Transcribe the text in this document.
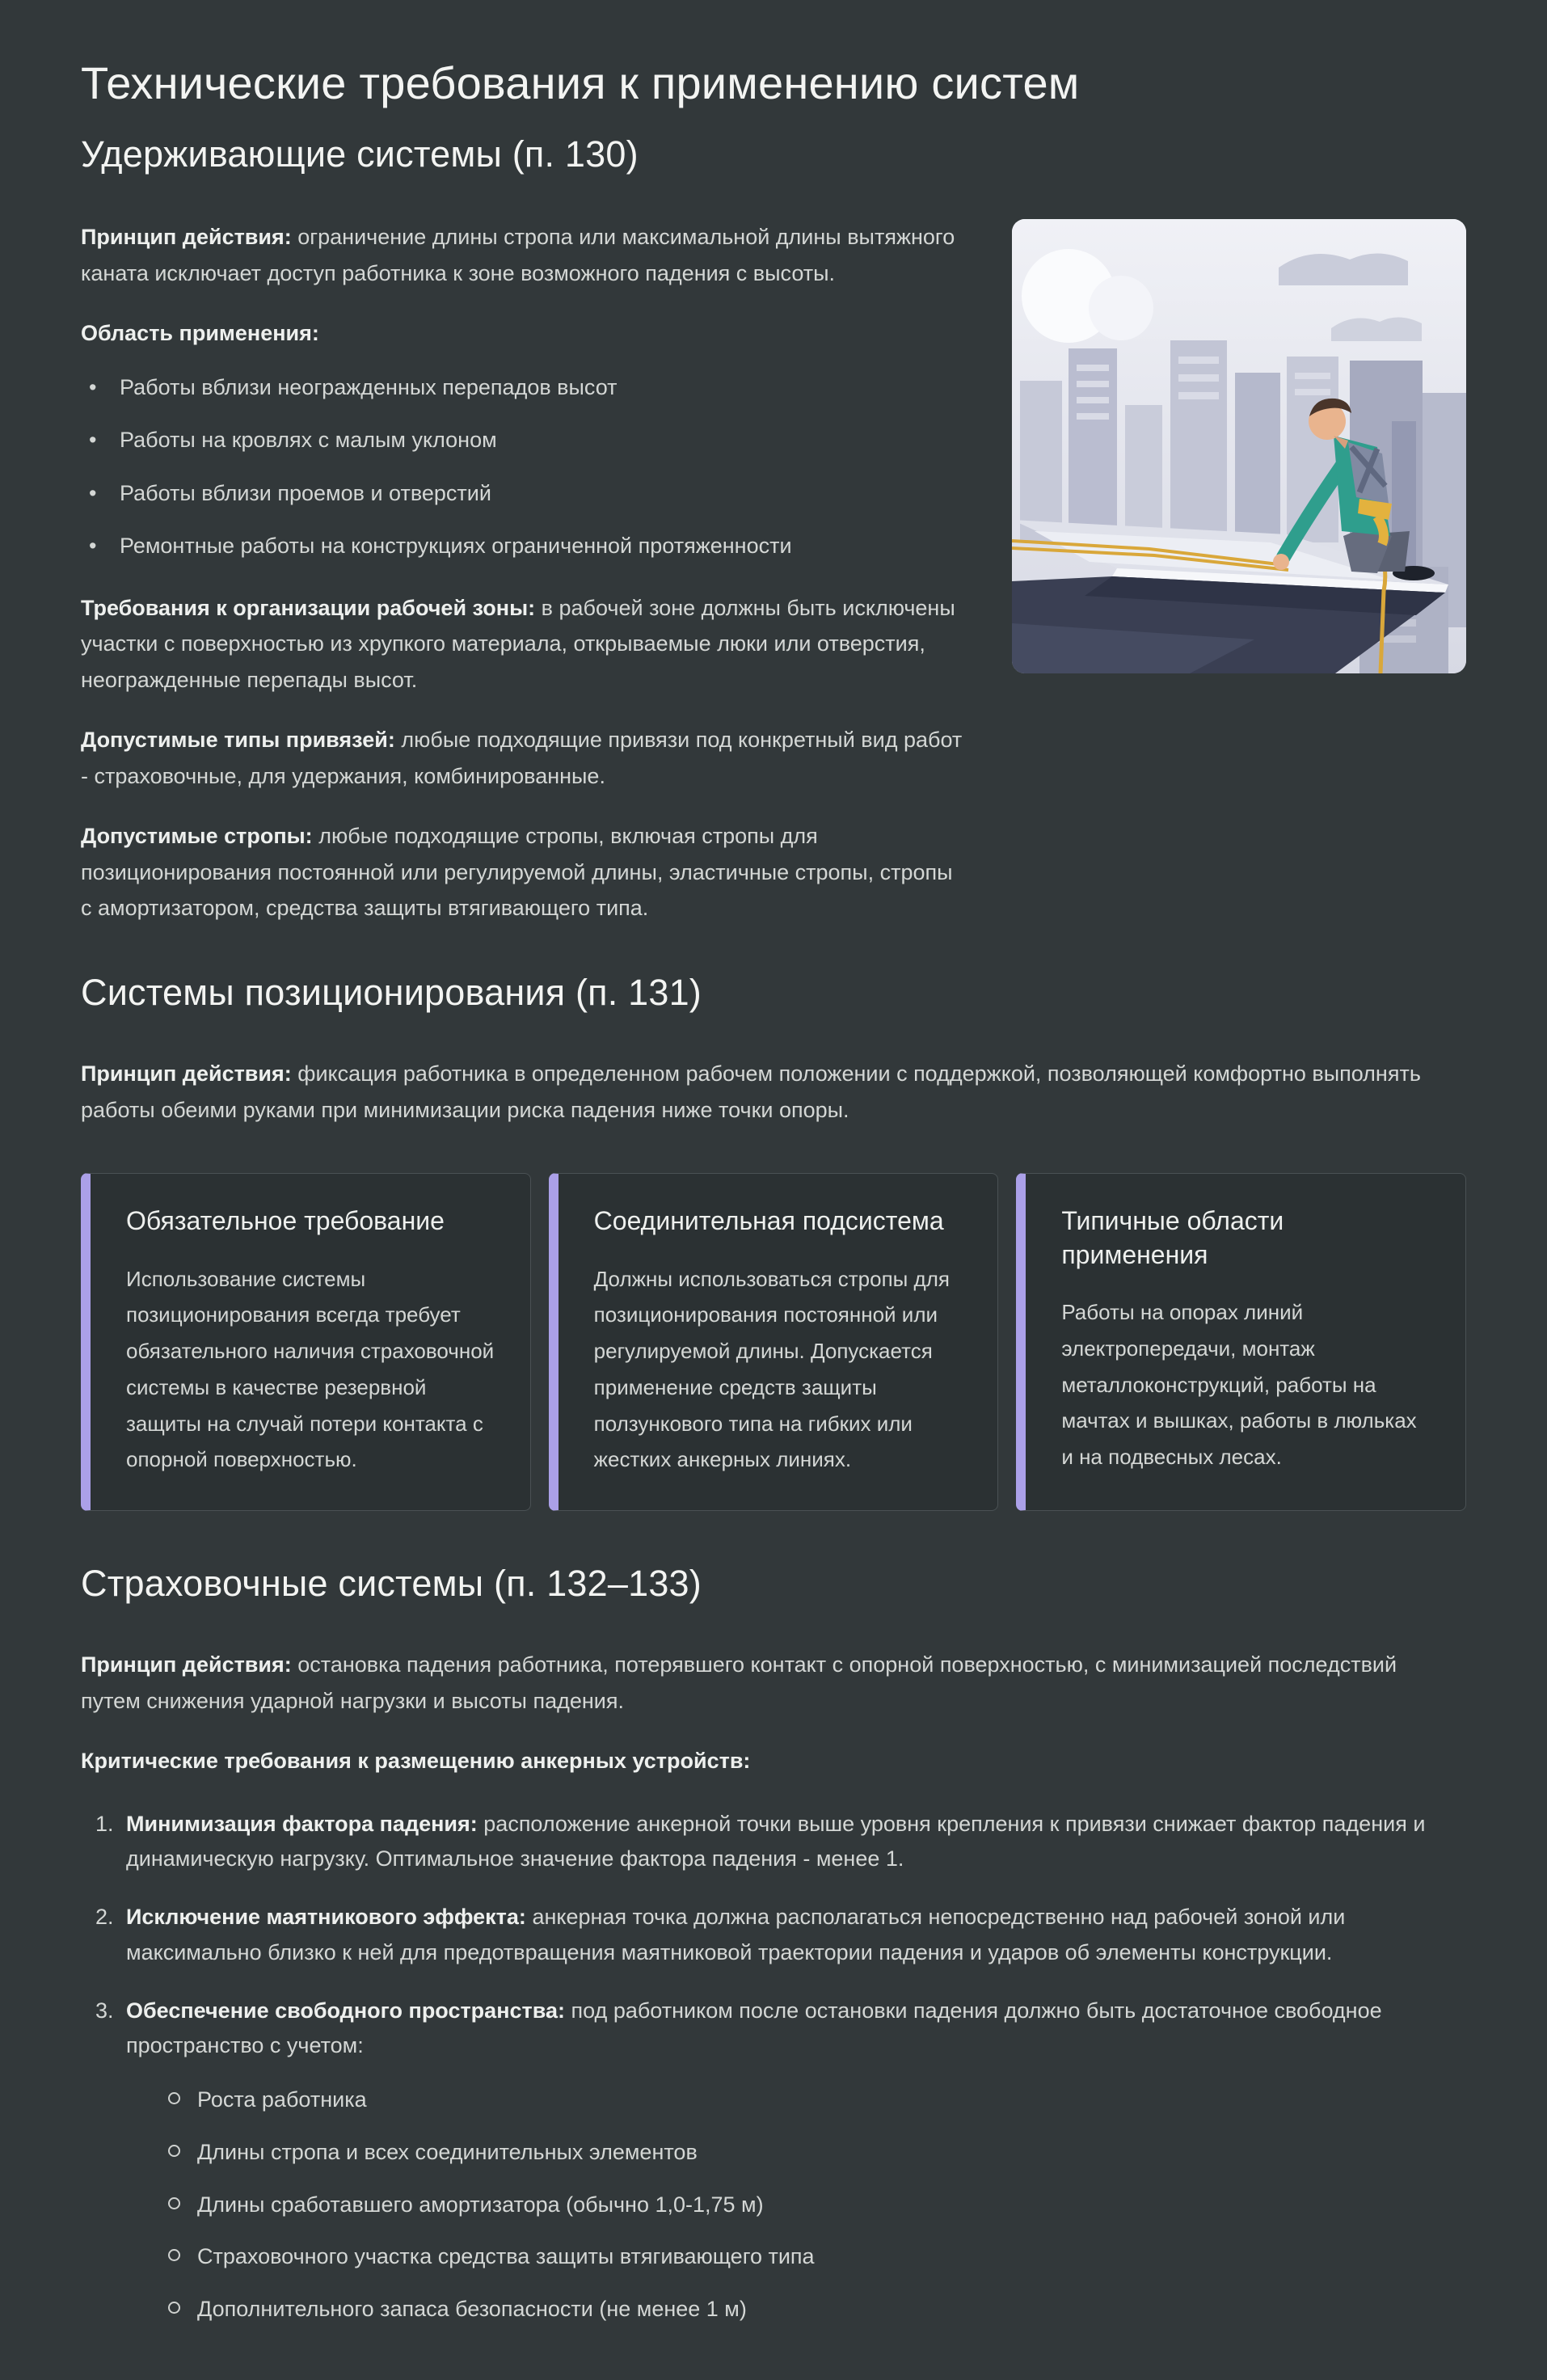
Технические требования к применению систем
Удерживающие системы (п. 130)

Принцип действия: ограничение длины стропа или максимальной длины вытяжного каната исключает доступ работника к зоне возможного падения с высоты.

Область применения:

• Работы вблизи неогражденных перепадов высот
• Работы на кровлях с малым уклоном
• Работы вблизи проемов и отверстий
• Ремонтные работы на конструкциях ограниченной протяженности

Требования к организации рабочей зоны: в рабочей зоне должны быть исключены участки с поверхностью из хрупкого материала, открываемые люки или отверстия, неогражденные перепады высот.

Допустимые типы привязей: любые подходящие привязи под конкретный вид работ - страховочные, для удержания, комбинированные.

Допустимые стропы: любые подходящие стропы, включая стропы для позиционирования постоянной или регулируемой длины, эластичные стропы, стропы с амортизатором, средства защиты втягивающего типа.

Системы позиционирования (п. 131)

Принцип действия: фиксация работника в определенном рабочем положении с поддержкой, позволяющей комфортно выполнять работы обеими руками при минимизации риска падения ниже точки опоры.

Обязательное требование

Использование системы позиционирования всегда требует обязательного наличия страховочной системы в качестве резервной защиты на случай потери контакта с опорной поверхностью.

Соединительная подсистема

Должны использоваться стропы для позиционирования постоянной или регулируемой длины. Допускается применение средств защиты ползункового типа на гибких или жестких анкерных линиях.

Типичные области применения

Работы на опорах линий электропередачи, монтаж металлоконструкций, работы на мачтах и вышках, работы в люльках и на подвесных лесах.

Страховочные системы (п. 132–133)

Принцип действия: остановка падения работника, потерявшего контакт с опорной поверхностью, с минимизацией последствий путем снижения ударной нагрузки и высоты падения.

Критические требования к размещению анкерных устройств:

1. Минимизация фактора падения: расположение анкерной точки выше уровня крепления к привязи снижает фактор падения и динамическую нагрузку. Оптимальное значение фактора падения - менее 1.
2. Исключение маятникового эффекта: анкерная точка должна располагаться непосредственно над рабочей зоной или максимально близко к ней для предотвращения маятниковой траектории падения и ударов об элементы конструкции.
3. Обеспечение свободного пространства: под работником после остановки падения должно быть достаточное свободное пространство с учетом:
Роста работника
Длины стропа и всех соединительных элементов
Длины сработавшего амортизатора (обычно 1,0-1,75 м)
Страховочного участка средства защиты втягивающего типа
Дополнительного запаса безопасности (не менее 1 м)
